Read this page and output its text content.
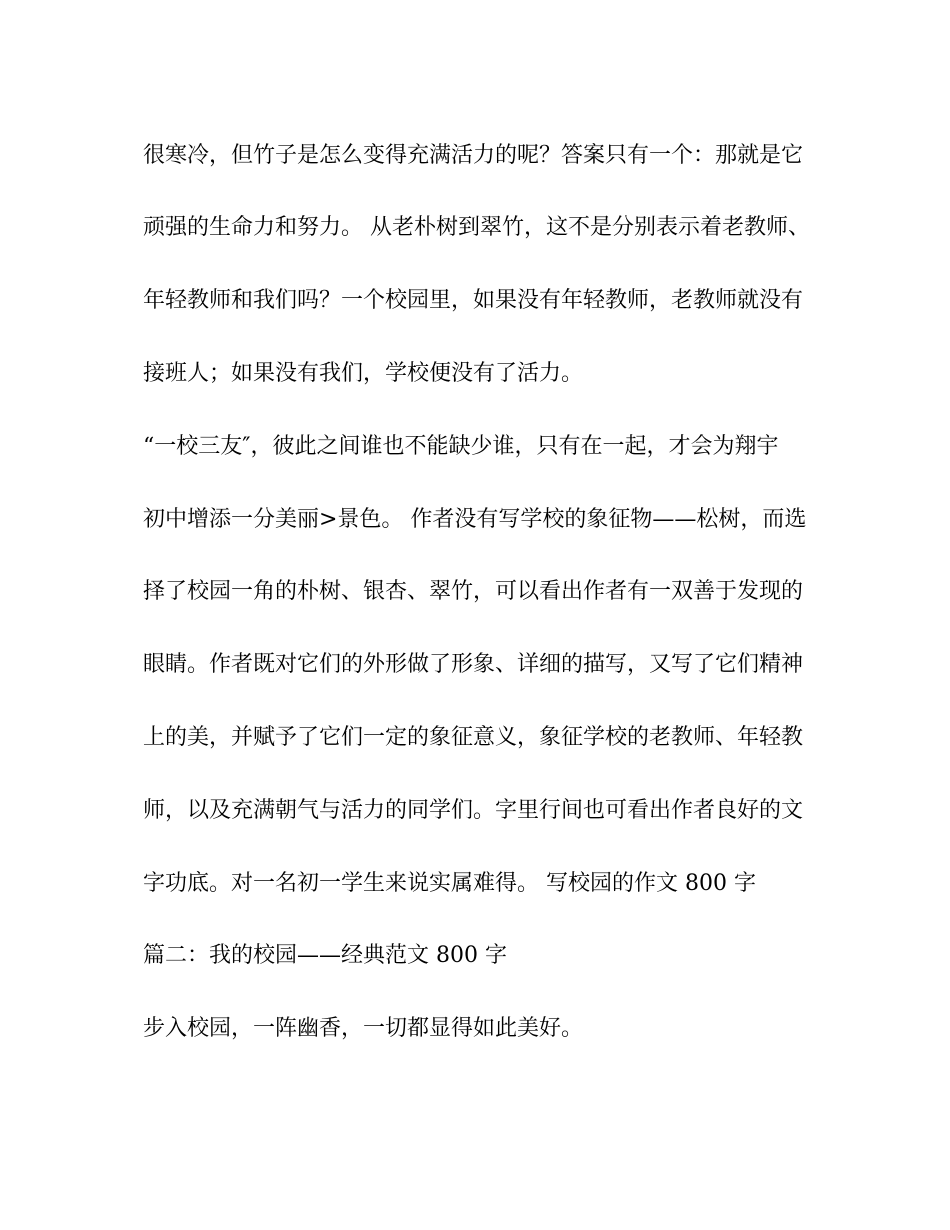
很寒冷，但竹子是怎么变得充满活力的呢？答案只有一个：那就是它
顽强的生命力和努力。 从老朴树到翠竹，这不是分别表示着老教师、
年轻教师和我们吗？一个校园里，如果没有年轻教师，老教师就没有
接班人；如果没有我们，学校便没有了活力。
“一校三友″，彼此之间谁也不能缺少谁，只有在一起，才会为翔宇
初中增添一分美丽>景色。 作者没有写学校的象征物——松树，而选
择了校园一角的朴树、银杏、翠竹，可以看出作者有一双善于发现的
眼睛。作者既对它们的外形做了形象、详细的描写，又写了它们精神
上的美，并赋予了它们一定的象征意义，象征学校的老教师、年轻教
师，以及充满朝气与活力的同学们。字里行间也可看出作者良好的文
字功底。对一名初一学生来说实属难得。 写校园的作文 800 字
篇二：我的校园——经典范文 800 字
步入校园，一阵幽香，一切都显得如此美好。
